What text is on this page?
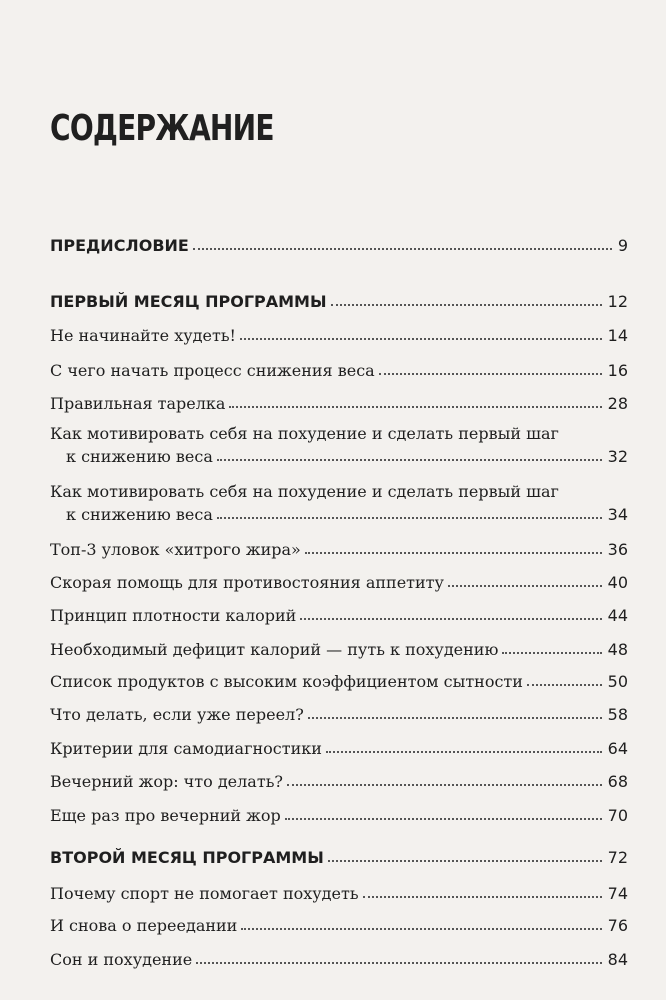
СОДЕРЖАНИЕ
ПРЕДИСЛОВИЕ	9
ПЕРВЫЙ МЕСЯЦ ПРОГРАММЫ	12
Не начинайте худеть!	14
С чего начать процесс снижения веса	16
Правильная тарелка	28
Как мотивировать себя на похудение и сделать первый шаг
к снижению веса	32
Как мотивировать себя на похудение и сделать первый шаг
к снижению веса	34
Топ-3 уловок «хитрого жира»	36
Скорая помощь для противостояния аппетиту	40
Принцип плотности калорий	44
Необходимый дефицит калорий — путь к похудению	48
Список продуктов с высоким коэффициентом сытности	50
Что делать, если уже переел?	58
Критерии для самодиагностики	64
Вечерний жор: что делать?	68
Еще раз про вечерний жор	70
ВТОРОЙ МЕСЯЦ ПРОГРАММЫ	72
Почему спорт не помогает похудеть	74
И снова о переедании	76
Сон и похудение	84
